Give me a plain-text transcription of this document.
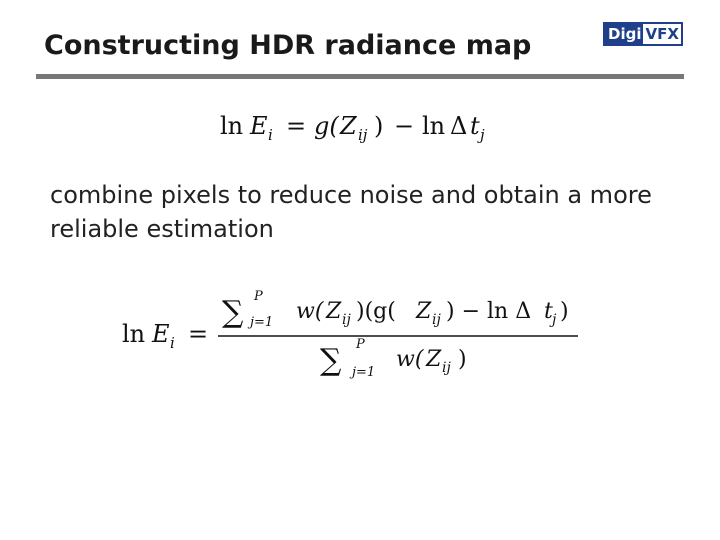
Constructing HDR radiance map	Digi VFX
ln E i = g( Z ij ) − ln Δ t j
combine pixels to reduce noise and obtain a more reliable estimation
ln E i =
∑ P
j=1 w( Z ij )(g( Z ij ) − ln Δ t j )
∑ P
j=1
w( Z ij )
